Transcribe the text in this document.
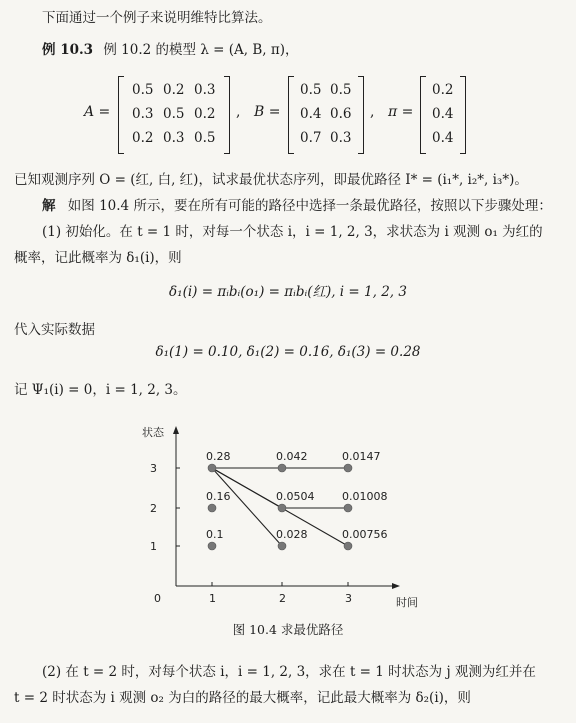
下面通过一个例子来说明维特比算法。
例 10.3 例 10.2 的模型 λ = (A, B, π)，
A =
0.5 0.2 0.3
0.3 0.5 0.2
0.2 0.3 0.5
, B =
0.5 0.5
0.4 0.6
0.7 0.3
, π =
0.2
0.4
0.4
已知观测序列 O = (红, 白, 红)，试求最优状态序列，即最优路径 I* = (i₁*, i₂*, i₃*)。
解 如图 10.4 所示，要在所有可能的路径中选择一条最优路径，按照以下步骤处理：
(1) 初始化。在 t = 1 时，对每一个状态 i，i = 1, 2, 3，求状态为 i 观测 o₁ 为红的
概率，记此概率为 δ₁(i)，则
δ₁(i) = πᵢbᵢ(o₁) = πᵢbᵢ(红), i = 1, 2, 3
代入实际数据
δ₁(1) = 0.10, δ₁(2) = 0.16, δ₁(3) = 0.28
记 Ψ₁(i) = 0，i = 1, 2, 3。
状态
时间
0	1	2	3
1
2
3
0.1
0.16
0.28
0.028
0.0504
0.042
0.00756
0.01008
0.0147
图 10.4 求最优路径
(2) 在 t = 2 时，对每个状态 i，i = 1, 2, 3，求在 t = 1 时状态为 j 观测为红并在
t = 2 时状态为 i 观测 o₂ 为白的路径的最大概率，记此最大概率为 δ₂(i)，则
